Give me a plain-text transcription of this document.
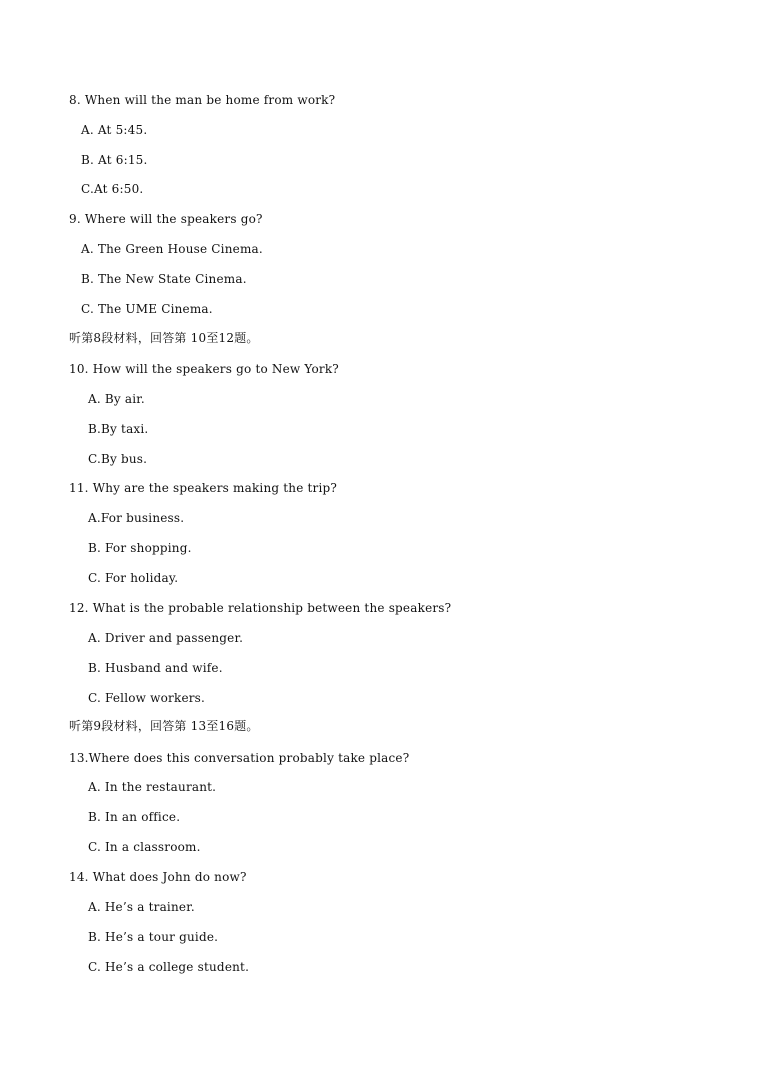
8. When will the man be home from work?
A. At 5:45.
B. At 6:15.
C.At 6:50.
9. Where will the speakers go?
A. The Green House Cinema.
B. The New State Cinema.
C. The UME Cinema.
听第8段材料，回答第 10至12题。
10. How will the speakers go to New York?
A. By air.
B.By taxi.
C.By bus.
11. Why are the speakers making the trip?
A.For business.
B. For shopping.
C. For holiday.
12. What is the probable relationship between the speakers?
A. Driver and passenger.
B. Husband and wife.
C. Fellow workers.
听第9段材料，回答第 13至16题。
13.Where does this conversation probably take place?
A. In the restaurant.
B. In an office.
C. In a classroom.
14. What does John do now?
A. He’s a trainer.
B. He’s a tour guide.
C. He’s a college student.
